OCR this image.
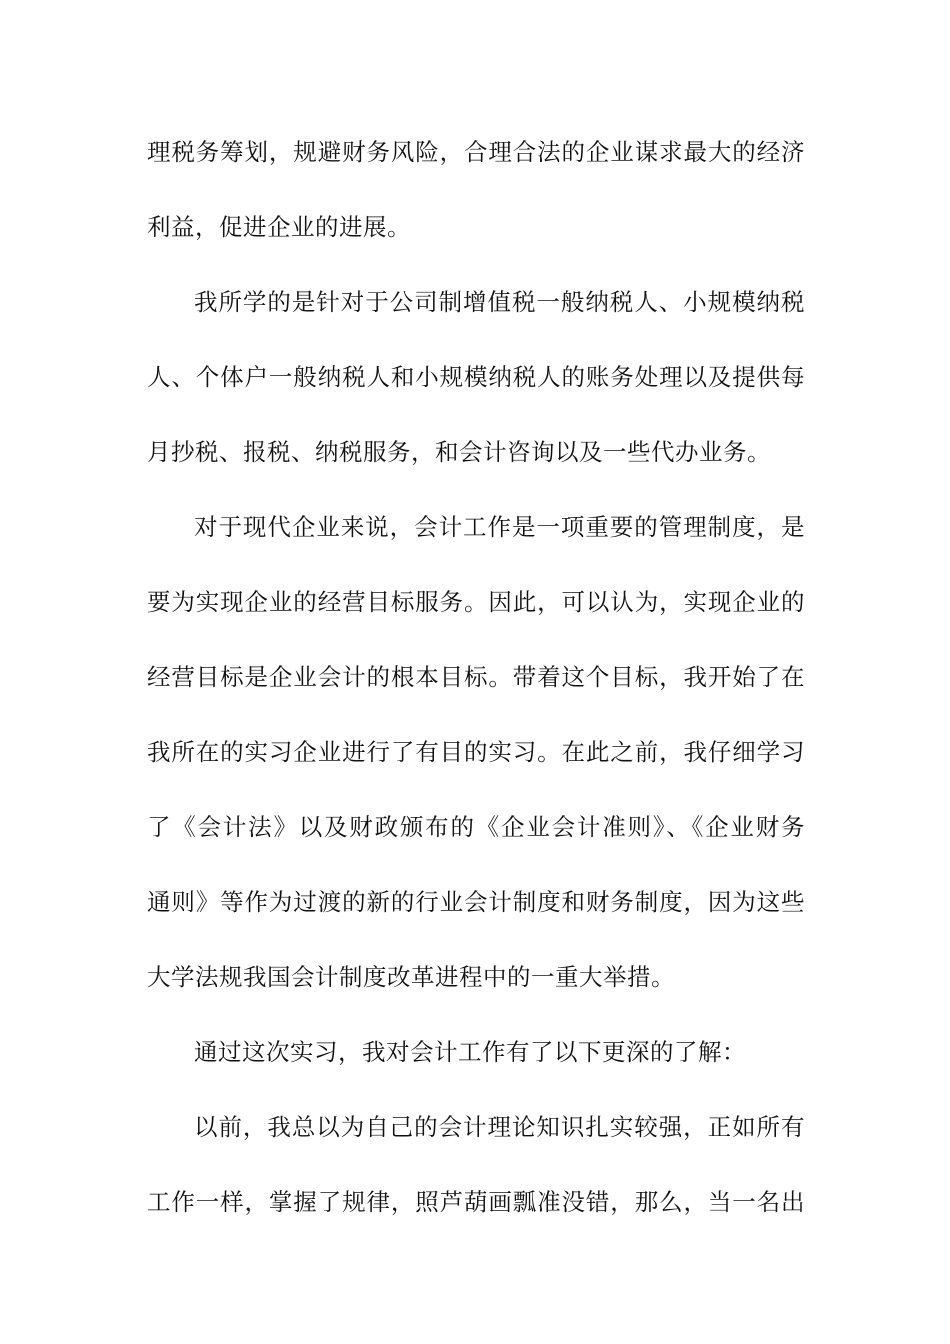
理税务筹划，规避财务风险，合理合法的企业谋求最大的经济
利益，促进企业的进展。
我所学的是针对于公司制增值税一般纳税人、小规模纳税
人、个体户一般纳税人和小规模纳税人的账务处理以及提供每
月抄税、报税、纳税服务，和会计咨询以及一些代办业务。
对于现代企业来说，会计工作是一项重要的管理制度，是
要为实现企业的经营目标服务。因此，可以认为，实现企业的
经营目标是企业会计的根本目标。带着这个目标，我开始了在
我所在的实习企业进行了有目的实习。在此之前，我仔细学习
了《会计法》以及财政颁布的《企业会计准则》、《企业财务
通则》等作为过渡的新的行业会计制度和财务制度，因为这些
大学法规我国会计制度改革进程中的一重大举措。
通过这次实习，我对会计工作有了以下更深的了解：
以前，我总以为自己的会计理论知识扎实较强，正如所有
工作一样，掌握了规律，照芦葫画瓢准没错，那么，当一名出
